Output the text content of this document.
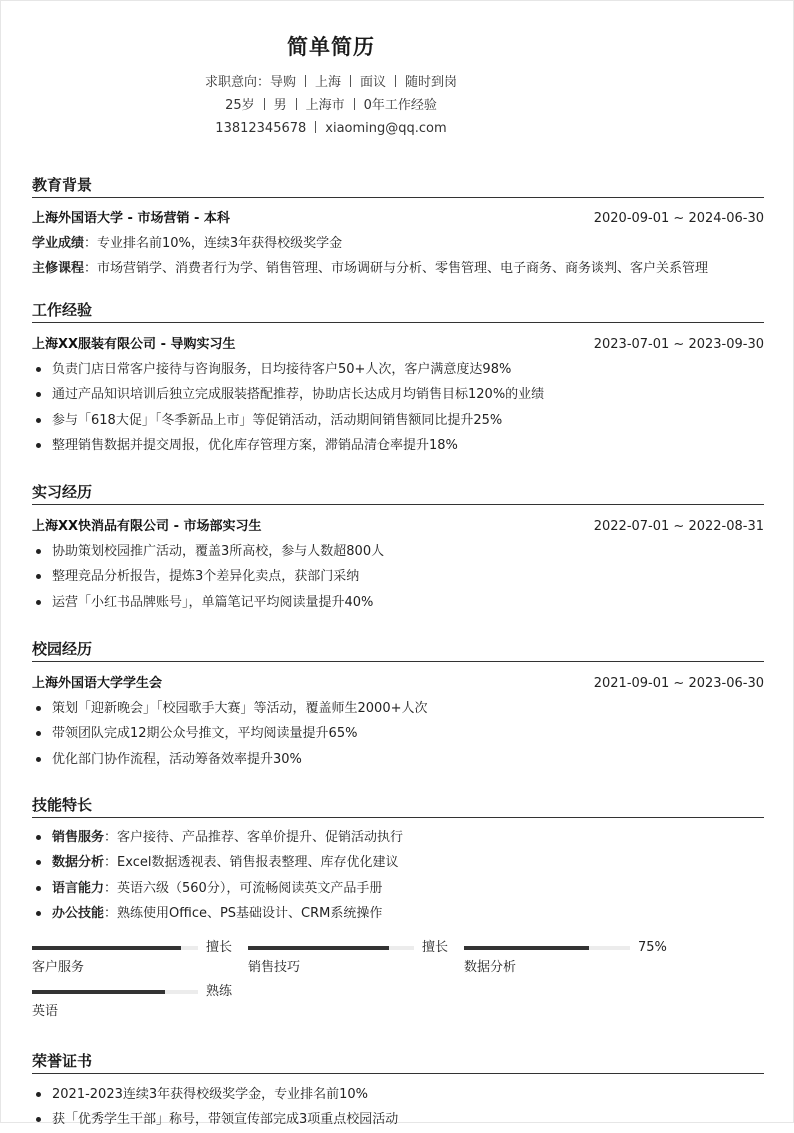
简单简历
求职意向：导购 上海 面议 随时到岗
25岁 男 上海市 0年工作经验
13812345678 xiaoming@qq.com
教育背景
上海外国语大学 - 市场营销 - 本科	2020-09-01 ~ 2024-06-30
学业成绩：专业排名前10%，连续3年获得校级奖学金
主修课程：市场营销学、消费者行为学、销售管理、市场调研与分析、零售管理、电子商务、商务谈判、客户关系管理
工作经验
上海XX服装有限公司 - 导购实习生	2023-07-01 ~ 2023-09-30
负责门店日常客户接待与咨询服务，日均接待客户50+人次，客户满意度达98%
通过产品知识培训后独立完成服装搭配推荐，协助店长达成月均销售目标120%的业绩
参与「618大促」「冬季新品上市」等促销活动，活动期间销售额同比提升25%
整理销售数据并提交周报，优化库存管理方案，滞销品清仓率提升18%
实习经历
上海XX快消品有限公司 - 市场部实习生	2022-07-01 ~ 2022-08-31
协助策划校园推广活动，覆盖3所高校，参与人数超800人
整理竞品分析报告，提炼3个差异化卖点，获部门采纳
运营「小红书品牌账号」，单篇笔记平均阅读量提升40%
校园经历
上海外国语大学学生会	2021-09-01 ~ 2023-06-30
策划「迎新晚会」「校园歌手大赛」等活动，覆盖师生2000+人次
带领团队完成12期公众号推文，平均阅读量提升65%
优化部门协作流程，活动筹备效率提升30%
技能特长
销售服务：客户接待、产品推荐、客单价提升、促销活动执行
数据分析：Excel数据透视表、销售报表整理、库存优化建议
语言能力：英语六级（560分），可流畅阅读英文产品手册
办公技能：熟练使用Office、PS基础设计、CRM系统操作
擅长
客户服务
擅长
销售技巧
75%
数据分析
熟练
英语
荣誉证书
2021-2023连续3年获得校级奖学金，专业排名前10%
获「优秀学生干部」称号，带领宣传部完成3项重点校园活动
